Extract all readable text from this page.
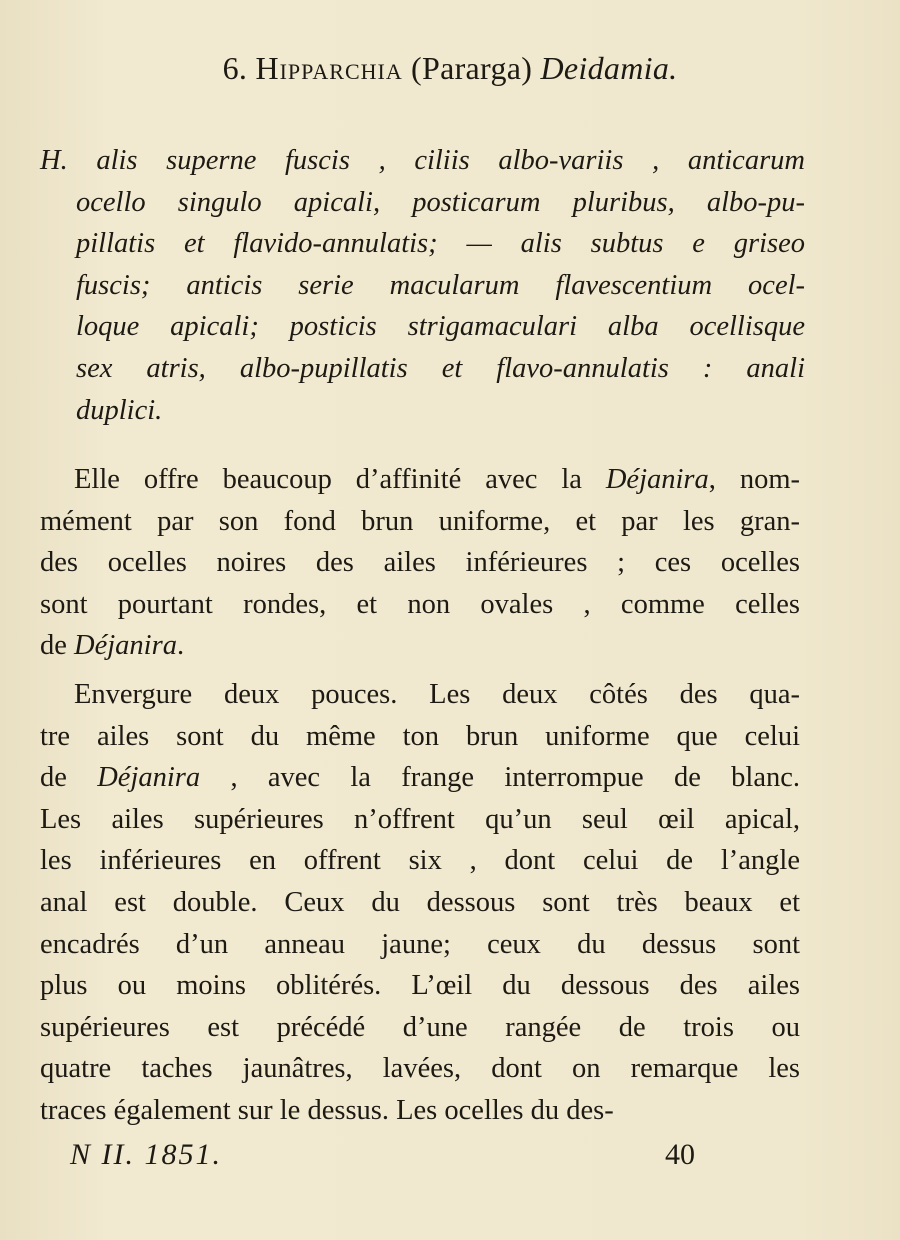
6. Hipparchia (Pararga) Deidamia.
H. alis superne fuscis , ciliis albo-variis , anticarum
ocello singulo apicali, posticarum pluribus, albo-pu-
pillatis et flavido-annulatis; — alis subtus e griseo
fuscis; anticis serie macularum flavescentium ocel-
loque apicali; posticis strigamaculari alba ocellisque
sex atris, albo-pupillatis et flavo-annulatis : anali
duplici.
Elle offre beaucoup d’affinité avec la Déjanira, nom-
mément par son fond brun uniforme, et par les gran-
des ocelles noires des ailes inférieures ; ces ocelles
sont pourtant rondes, et non ovales , comme celles
de Déjanira.
Envergure deux pouces. Les deux côtés des qua-
tre ailes sont du même ton brun uniforme que celui
de Déjanira , avec la frange interrompue de blanc.
Les ailes supérieures n’offrent qu’un seul œil apical,
les inférieures en offrent six , dont celui de l’angle
anal est double. Ceux du dessous sont très beaux et
encadrés d’un anneau jaune; ceux du dessus sont
plus ou moins oblitérés. L’œil du dessous des ailes
supérieures est précédé d’une rangée de trois ou
quatre taches jaunâtres, lavées, dont on remarque les
traces également sur le dessus. Les ocelles du des-
N II. 1851.	40
